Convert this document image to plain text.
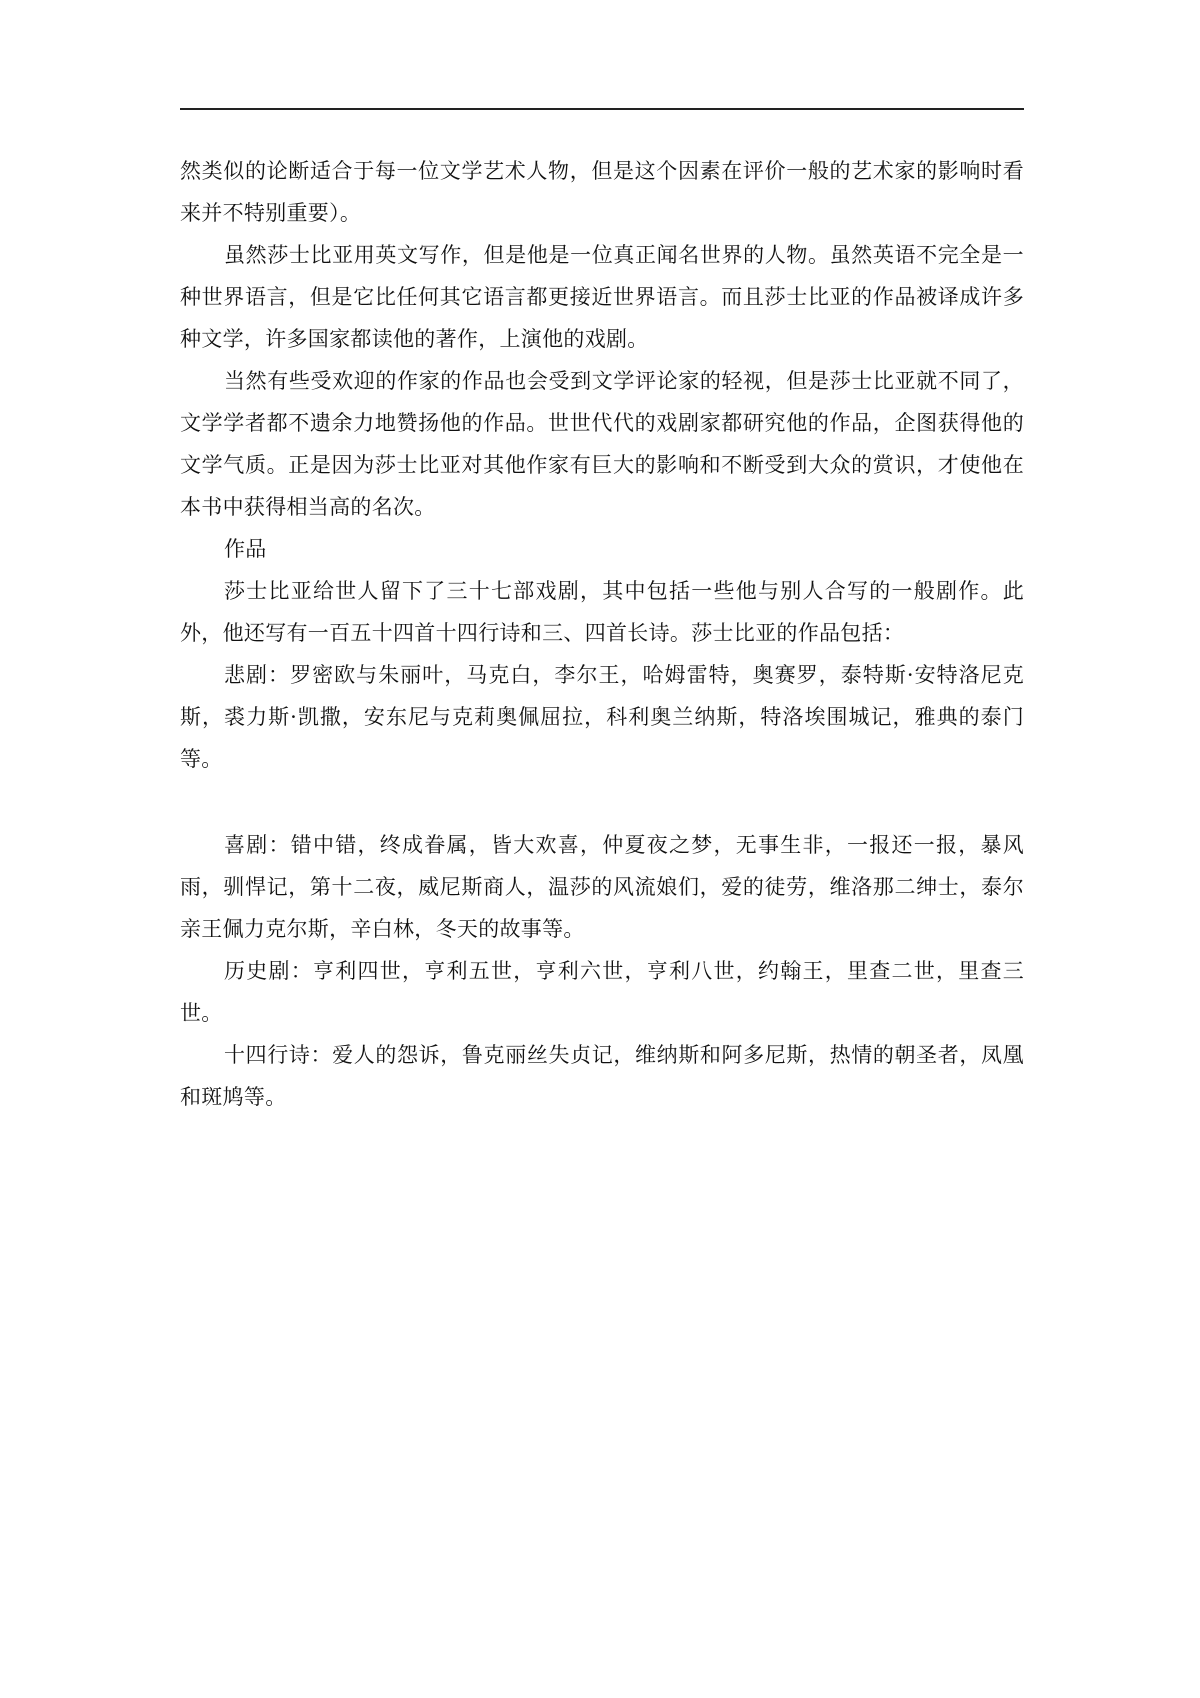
然类似的论断适合于每一位文学艺术人物，但是这个因素在评价一般的艺术家的影响时看来并不特别重要）。

虽然莎士比亚用英文写作，但是他是一位真正闻名世界的人物。虽然英语不完全是一种世界语言，但是它比任何其它语言都更接近世界语言。而且莎士比亚的作品被译成许多种文学，许多国家都读他的著作，上演他的戏剧。

当然有些受欢迎的作家的作品也会受到文学评论家的轻视，但是莎士比亚就不同了，文学学者都不遗余力地赞扬他的作品。世世代代的戏剧家都研究他的作品，企图获得他的文学气质。正是因为莎士比亚对其他作家有巨大的影响和不断受到大众的赏识，才使他在本书中获得相当高的名次。

作品

莎士比亚给世人留下了三十七部戏剧，其中包括一些他与别人合写的一般剧作。此外，他还写有一百五十四首十四行诗和三、四首长诗。莎士比亚的作品包括：

悲剧：罗密欧与朱丽叶，马克白，李尔王，哈姆雷特，奥赛罗，泰特斯·安特洛尼克斯，裘力斯·凯撒，安东尼与克莉奥佩屈拉，科利奥兰纳斯，特洛埃围城记，雅典的泰门等。

喜剧：错中错，终成眷属，皆大欢喜，仲夏夜之梦，无事生非，一报还一报，暴风雨，驯悍记，第十二夜，威尼斯商人，温莎的风流娘们，爱的徒劳，维洛那二绅士，泰尔亲王佩力克尔斯，辛白林，冬天的故事等。

历史剧：亨利四世，亨利五世，亨利六世，亨利八世，约翰王，里查二世，里查三世。

十四行诗：爱人的怨诉，鲁克丽丝失贞记，维纳斯和阿多尼斯，热情的朝圣者，凤凰和斑鸠等。
